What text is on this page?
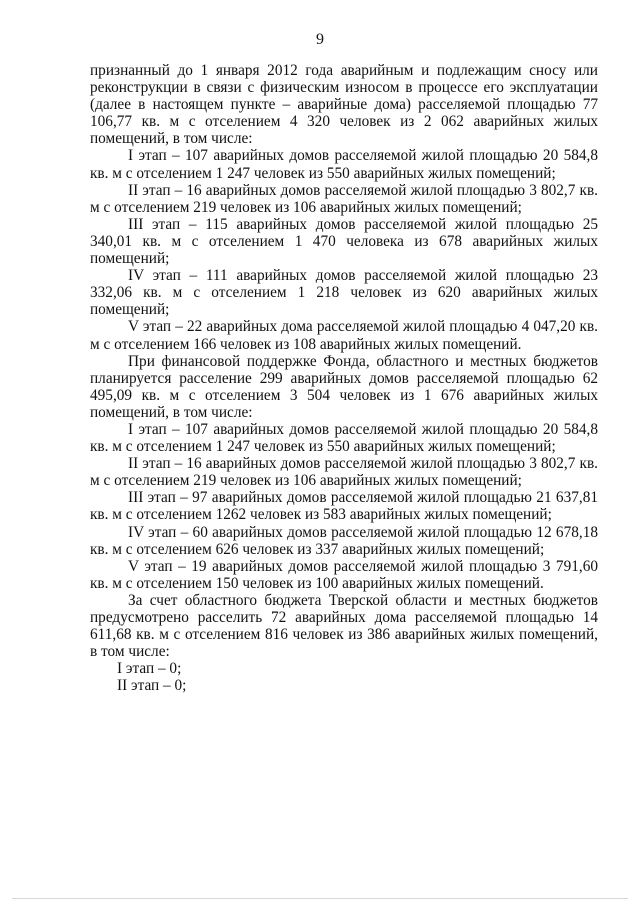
9

признанный до 1 января 2012 года аварийным и подлежащим сносу или реконструкции в связи с физическим износом в процессе его эксплуатации (далее в настоящем пункте – аварийные дома) расселяемой площадью 77 106,77 кв. м с отселением 4 320 человек из 2 062 аварийных жилых помещений, в том числе:

I этап – 107 аварийных домов расселяемой жилой площадью 20 584,8 кв. м с отселением 1 247 человек из 550 аварийных жилых помещений;

II этап – 16 аварийных домов расселяемой жилой площадью 3 802,7 кв. м с отселением 219 человек из 106 аварийных жилых помещений;

III этап – 115 аварийных домов расселяемой жилой площадью 25 340,01 кв. м с отселением 1 470 человека из 678 аварийных жилых помещений;

IV этап – 111 аварийных домов расселяемой жилой площадью 23 332,06 кв. м с отселением 1 218 человек из 620 аварийных жилых помещений;

V этап – 22 аварийных дома расселяемой жилой площадью 4 047,20 кв. м с отселением 166 человек из 108 аварийных жилых помещений.

При финансовой поддержке Фонда, областного и местных бюджетов планируется расселение 299 аварийных домов расселяемой площадью 62 495,09 кв. м с отселением 3 504 человек из 1 676 аварийных жилых помещений, в том числе:

I этап – 107 аварийных домов расселяемой жилой площадью 20 584,8 кв. м с отселением 1 247 человек из 550 аварийных жилых помещений;

II этап – 16 аварийных домов расселяемой жилой площадью 3 802,7 кв. м с отселением 219 человек из 106 аварийных жилых помещений;

III этап – 97 аварийных домов расселяемой жилой площадью 21 637,81 кв. м с отселением 1262 человек из 583 аварийных жилых помещений;

IV этап – 60 аварийных домов расселяемой жилой площадью 12 678,18 кв. м с отселением 626 человек из 337 аварийных жилых помещений;

V этап – 19 аварийных домов расселяемой жилой площадью 3 791,60 кв. м с отселением 150 человек из 100 аварийных жилых помещений.

За счет областного бюджета Тверской области и местных бюджетов предусмотрено расселить 72 аварийных дома расселяемой площадью 14 611,68 кв. м с отселением 816 человек из 386 аварийных жилых помещений, в том числе:

I этап – 0;

II этап – 0;
